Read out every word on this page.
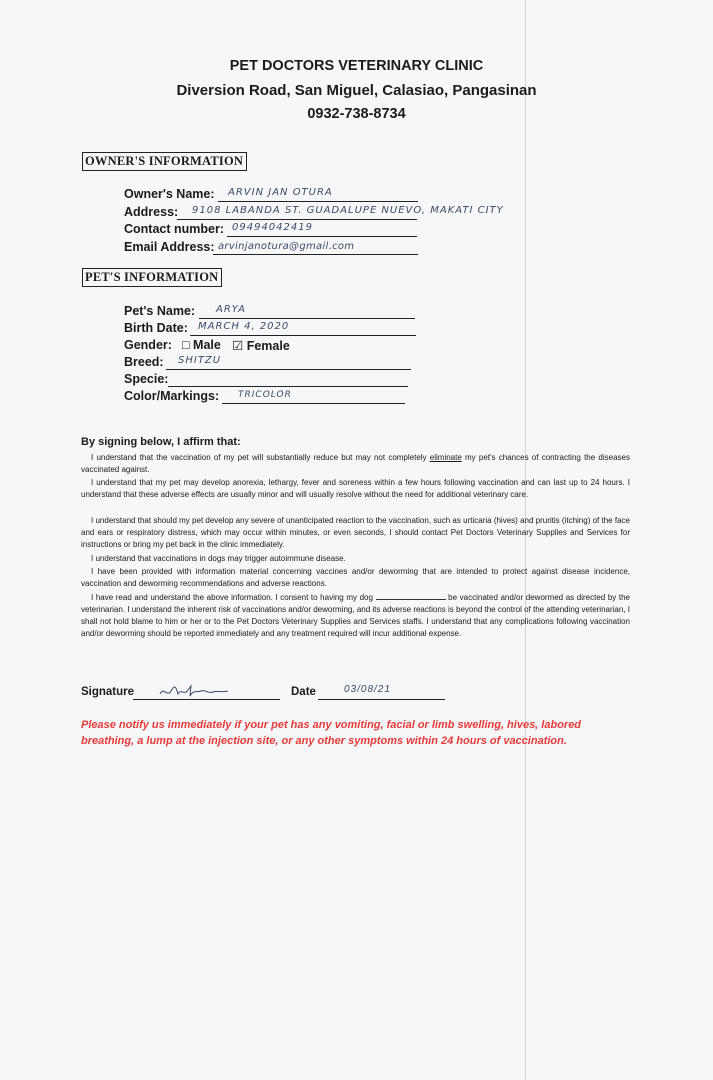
PET DOCTORS VETERINARY CLINIC
Diversion Road, San Miguel, Calasiao, Pangasinan
0932-738-8734
OWNER'S INFORMATION
Owner's Name: ARVIN JAN OTURA
Address: 9108 LABANDA ST. GUADALUPE NUEVO, MAKATI CITY
Contact number: 09494042419
Email Address: arvinjanotura@gmail.com
PET'S INFORMATION
Pet's Name: ARYA
Birth Date: MARCH 4, 2020
Gender: □ Male ☑ Female
Breed: SHITZU
Specie:
Color/Markings: TRICOLOR
By signing below, I affirm that:

I understand that the vaccination of my pet will substantially reduce but may not completely eliminate my pet's chances of contracting the diseases vaccinated against.

I understand that my pet may develop anorexia, lethargy, fever and soreness within a few hours following vaccination and can last up to 24 hours. I understand that these adverse effects are usually minor and will usually resolve without the need for additional veterinary care.

I understand that should my pet develop any severe of unanticipated reaction to the vaccination, such as urticaria (hives) and pruritis (itching) of the face and ears or respiratory distress, which may occur within minutes, or even seconds, I should contact Pet Doctors Veterinary Supplies and Services for instructions or bring my pet back in the clinic immediately.

I understand that vaccinations in dogs may trigger autoimmune disease.

I have been provided with information material concerning vaccines and/or deworming that are intended to protect against disease incidence, vaccination and deworming recommendations and adverse reactions.

I have read and understand the above information. I consent to having my dog	be vaccinated and/or dewormed as directed by the veterinarian. I understand the inherent risk of vaccinations and/or deworming, and its adverse reactions is beyond the control of the attending veterinarian, I shall not hold blame to him or her or to the Pet Doctors Veterinary Supplies and Services staffs. I understand that any complications following vaccination and/or deworming should be reported immediately and any treatment required will incur additional expense.

Signature	Date	03/08/21
Please notify us immediately if your pet has any vomiting, facial or limb swelling, hives, labored breathing, a lump at the injection site, or any other symptoms within 24 hours of vaccination.
